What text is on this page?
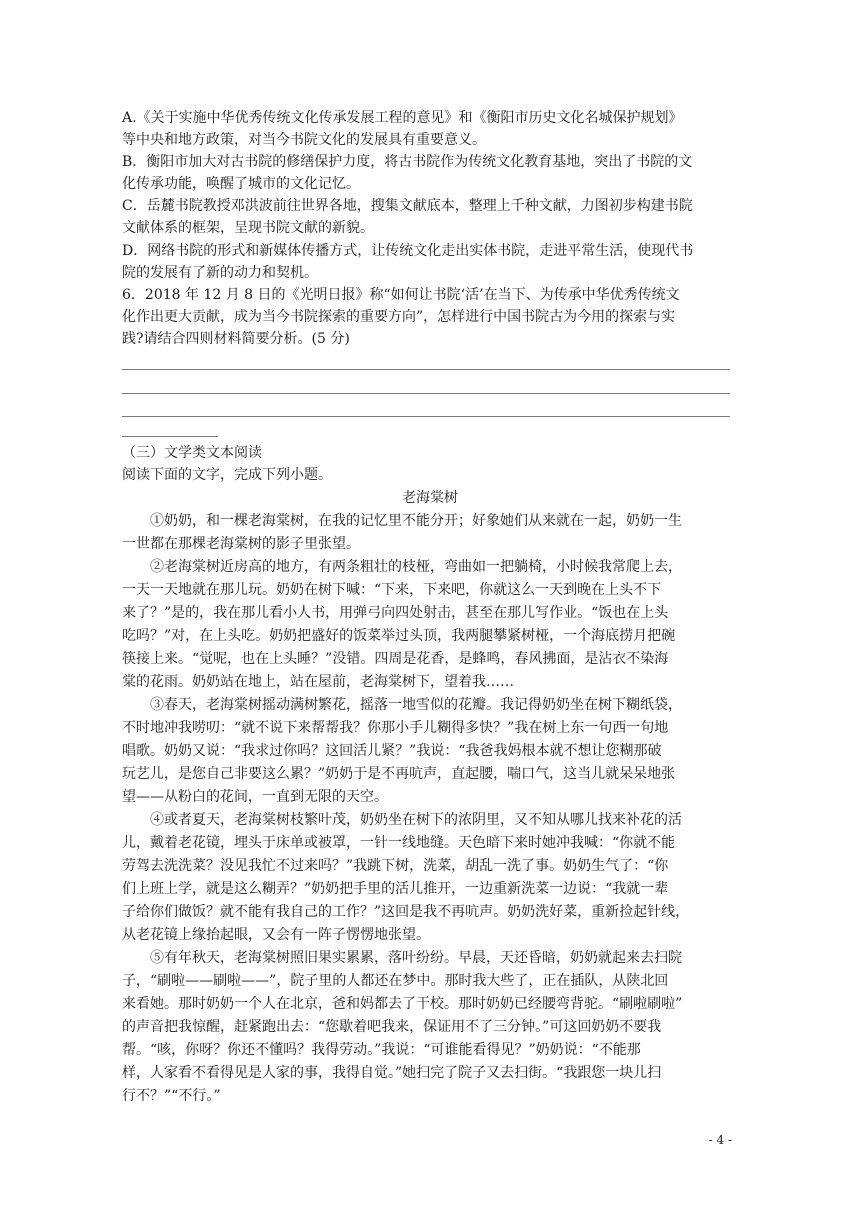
A.《关于实施中华优秀传统文化传承发展工程的意见》和《衡阳市历史文化名城保护规划》
等中央和地方政策，对当今书院文化的发展具有重要意义。
B．衡阳市加大对古书院的修缮保护力度，将古书院作为传统文化教育基地，突出了书院的文
化传承功能，唤醒了城市的文化记忆。
C．岳麓书院教授邓洪波前往世界各地，搜集文献底本，整理上千种文献，力图初步构建书院
文献体系的框架，呈现书院文献的新貌。
D．网络书院的形式和新媒体传播方式，让传统文化走出实体书院，走进平常生活，使现代书
院的发展有了新的动力和契机。
6．2018 年 12 月 8 日的《光明日报》称“如何让书院‘活’在当下、为传承中华优秀传统文
化作出更大贡献，成为当今书院探索的重要方向”，怎样进行中国书院古为今用的探索与实
践?请结合四则材料简要分析。(5 分)
（三）文学类文本阅读
阅读下面的文字，完成下列小题。
老海棠树
①奶奶，和一棵老海棠树，在我的记忆里不能分开；好象她们从来就在一起，奶奶一生
一世都在那棵老海棠树的影子里张望。
②老海棠树近房高的地方，有两条粗壮的枝桠，弯曲如一把躺椅，小时候我常爬上去，
一天一天地就在那儿玩。奶奶在树下喊：“下来，下来吧，你就这么一天到晚在上头不下
来了？”是的，我在那儿看小人书，用弹弓向四处射击，甚至在那儿写作业。“饭也在上头
吃吗？”对，在上头吃。奶奶把盛好的饭菜举过头顶，我两腿攀紧树桠，一个海底捞月把碗
筷接上来。“觉呢，也在上头睡？”没错。四周是花香，是蜂鸣，春风拂面，是沾衣不染海
棠的花雨。奶奶站在地上，站在屋前，老海棠树下，望着我……
③春天，老海棠树摇动满树繁花，摇落一地雪似的花瓣。我记得奶奶坐在树下糊纸袋，
不时地冲我唠叨：“就不说下来帮帮我？你那小手儿糊得多快？”我在树上东一句西一句地
唱歌。奶奶又说：“我求过你吗？这回活儿紧？”我说：“我爸我妈根本就不想让您糊那破
玩艺儿，是您自己非要这么累？”奶奶于是不再吭声，直起腰，喘口气，这当儿就呆呆地张
望——从粉白的花间，一直到无限的天空。
④或者夏天，老海棠树枝繁叶茂，奶奶坐在树下的浓阴里，又不知从哪儿找来补花的活
儿，戴着老花镜，埋头于床单或被罩，一针一线地缝。天色暗下来时她冲我喊：“你就不能
劳驾去洗洗菜？没见我忙不过来吗？”我跳下树，洗菜，胡乱一洗了事。奶奶生气了：“你
们上班上学，就是这么糊弄？”奶奶把手里的活儿推开，一边重新洗菜一边说：“我就一辈
子给你们做饭？就不能有我自己的工作？”这回是我不再吭声。奶奶洗好菜，重新捡起针线，
从老花镜上缘抬起眼，又会有一阵子愣愣地张望。
⑤有年秋天，老海棠树照旧果实累累，落叶纷纷。早晨，天还昏暗，奶奶就起来去扫院
子，“刷啦——刷啦——”，院子里的人都还在梦中。那时我大些了，正在插队，从陕北回
来看她。那时奶奶一个人在北京，爸和妈都去了干校。那时奶奶已经腰弯背驼。“刷啦刷啦”
的声音把我惊醒，赶紧跑出去：“您歇着吧我来，保证用不了三分钟。”可这回奶奶不要我
帮。“咳，你呀？你还不懂吗？我得劳动。”我说：“可谁能看得见？”奶奶说：“不能那
样，人家看不看得见是人家的事，我得自觉。”她扫完了院子又去扫街。“我跟您一块儿扫
行不？”“不行。”
- 4 -
